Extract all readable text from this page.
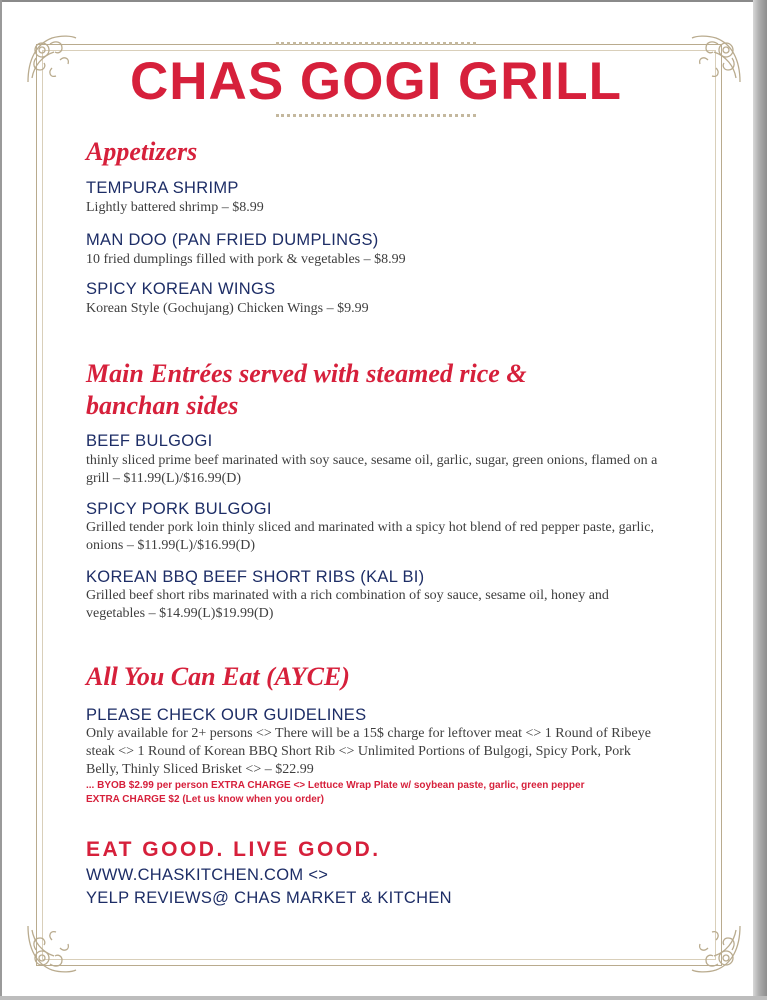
CHAS GOGI GRILL
Appetizers

TEMPURA SHRIMP

Lightly battered shrimp – $8.99

MAN DOO (PAN FRIED DUMPLINGS)

10 fried dumplings filled with pork & vegetables – $8.99

SPICY KOREAN WINGS

Korean Style (Gochujang) Chicken Wings – $9.99

Main Entrées served with steamed rice &
banchan sides

BEEF BULGOGI

thinly sliced prime beef marinated with soy sauce, sesame oil, garlic, sugar, green onions, flamed on a grill – $11.99(L)/$16.99(D)

SPICY PORK BULGOGI

Grilled tender pork loin thinly sliced and marinated with a spicy hot blend of red pepper paste, garlic, onions – $11.99(L)/$16.99(D)

KOREAN BBQ BEEF SHORT RIBS (KAL BI)

Grilled beef short ribs marinated with a rich combination of soy sauce, sesame oil, honey and vegetables – $14.99(L)$19.99(D)

All You Can Eat (AYCE)

PLEASE CHECK OUR GUIDELINES

Only available for 2+ persons <> There will be a 15$ charge for leftover meat <> 1 Round of Ribeye steak <> 1 Round of Korean BBQ Short Rib <> Unlimited Portions of Bulgogi, Spicy Pork, Pork Belly, Thinly Sliced Brisket <> – $22.99

... BYOB $2.99 per person EXTRA CHARGE <> Lettuce Wrap Plate w/ soybean paste, garlic, green pepper EXTRA CHARGE $2 (Let us know when you order)

EAT GOOD. LIVE GOOD.

WWW.CHASKITCHEN.COM <>

YELP REVIEWS@ CHAS MARKET & KITCHEN
